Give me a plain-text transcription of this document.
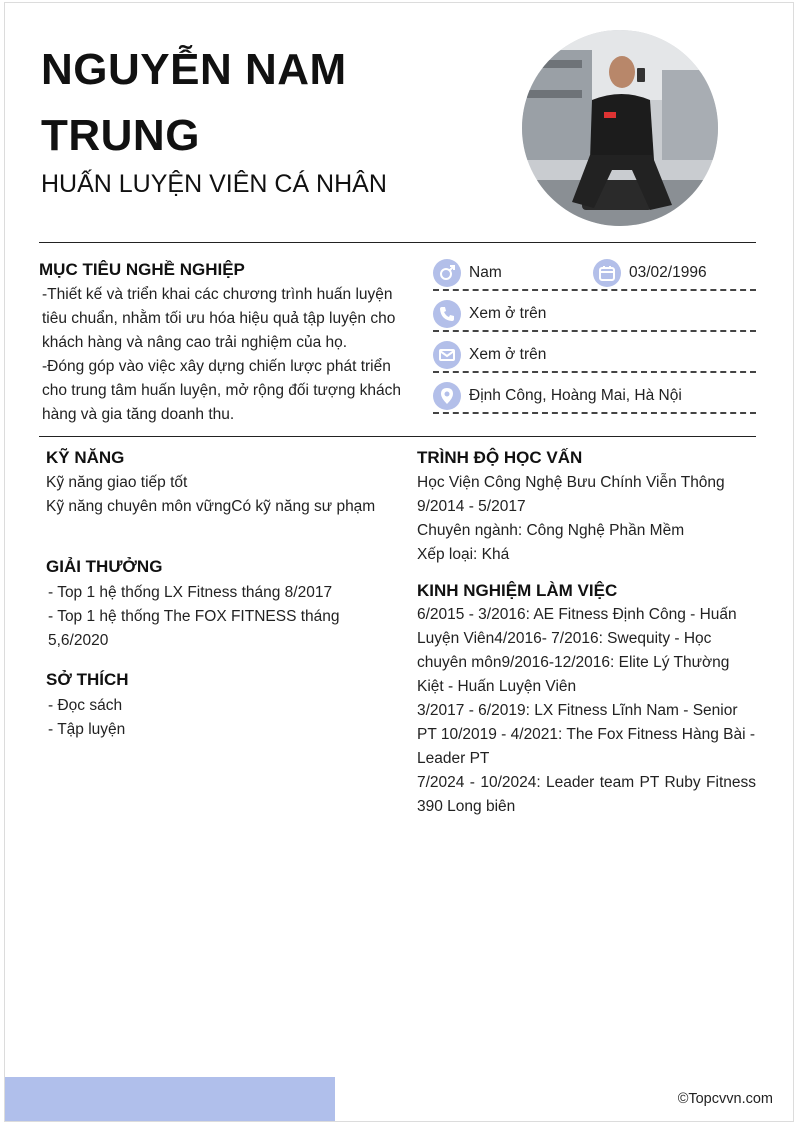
NGUYỄN NAM TRUNG
HUẤN LUYỆN VIÊN CÁ NHÂN
MỤC TIÊU NGHỀ NGHIỆP
-Thiết kế và triển khai các chương trình huấn luyện tiêu chuẩn, nhằm tối ưu hóa hiệu quả tập luyện cho khách hàng và nâng cao trải nghiệm của họ.
-Đóng góp vào việc xây dựng chiến lược phát triển cho trung tâm huấn luyện, mở rộng đối tượng khách hàng và gia tăng doanh thu.
Nam	03/02/1996
Xem ở trên
Xem ở trên
Định Công, Hoàng Mai, Hà Nội
KỸ NĂNG
Kỹ năng giao tiếp tốt
Kỹ năng chuyên môn vữngCó kỹ năng sư phạm
GIẢI THƯỞNG
- Top 1 hệ thống LX Fitness tháng 8/2017
- Top 1 hệ thống The FOX FITNESS tháng 5,6/2020
SỞ THÍCH
- Đọc sách
- Tập luyện
TRÌNH ĐỘ HỌC VẤN
Học Viện Công Nghệ Bưu Chính Viễn Thông
9/2014 - 5/2017
Chuyên ngành: Công Nghệ Phần Mềm
Xếp loại: Khá
KINH NGHIỆM LÀM VIỆC
6/2015 - 3/2016: AE Fitness Định Công - Huấn Luyện Viên4/2016- 7/2016: Swequity - Học chuyên môn9/2016-12/2016: Elite Lý Thường Kiệt - Huấn Luyện Viên
3/2017 - 6/2019: LX Fitness Lĩnh Nam - Senior PT 10/2019 - 4/2021: The Fox Fitness Hàng Bài - Leader PT
7/2024 - 10/2024: Leader team PT Ruby Fitness 390 Long biên
©Topcvvn.com
